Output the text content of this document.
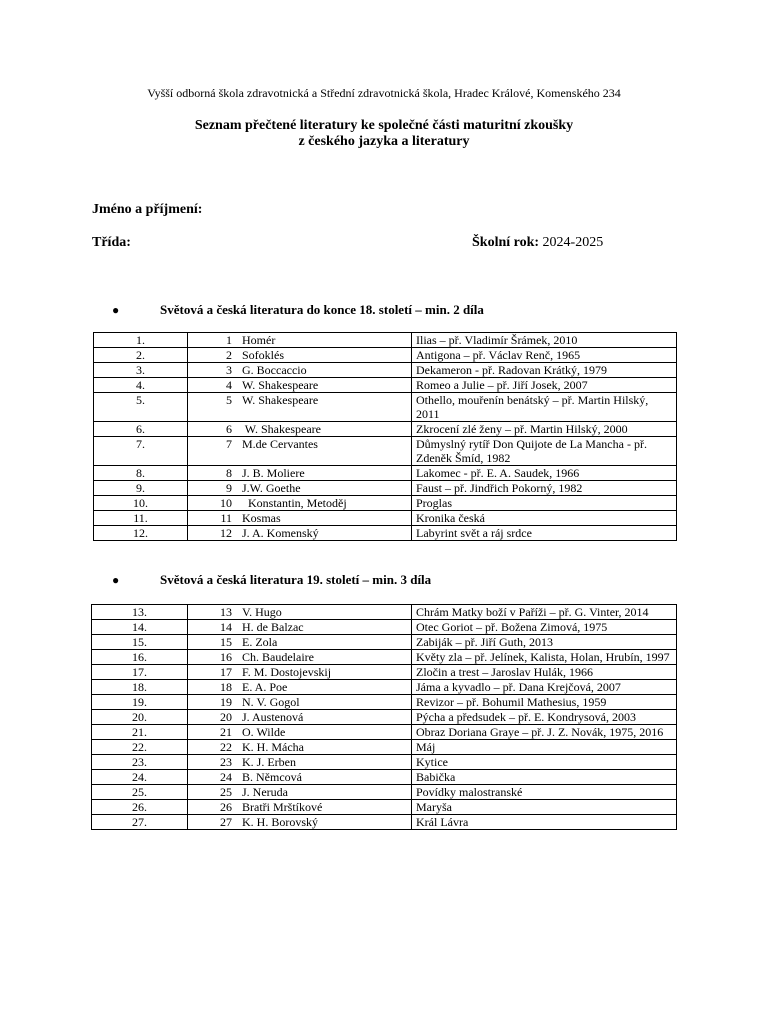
Vyšší odborná škola zdravotnická a Střední zdravotnická škola, Hradec Králové, Komenského 234
Seznam přečtené literatury ke společné části maturitní zkoušky
z českého jazyka a literatury
Jméno a příjmení:
Třída:	Školní rok: 2024-2025
●	Světová a česká literatura do konce 18. století – min. 2 díla
1.	1 Homér	Ilias – př. Vladimír Šrámek, 2010
2.	2 Sofoklés	Antigona – př. Václav Renč, 1965
3.	3 G. Boccaccio	Dekameron - př. Radovan Krátký, 1979
4.	4 W. Shakespeare	Romeo a Julie – př. Jiří Josek, 2007
5.	5 W. Shakespeare	Othello, mouřenín benátský – př. Martin Hilský, 2011
6.	6 W. Shakespeare	Zkrocení zlé ženy – př. Martin Hilský, 2000
7.	7 M.de Cervantes	Důmyslný rytíř Don Quijote de La Mancha - př. Zdeněk Šmíd, 1982
8.	8 J. B. Moliere	Lakomec - př. E. A. Saudek, 1966
9.	9 J.W. Goethe	Faust – př. Jindřich Pokorný, 1982
10.	10  Konstantin, Metoděj	Proglas
11.	11 Kosmas	Kronika česká
12.	12 J. A. Komenský	Labyrint svět a ráj srdce
●	Světová a česká literatura 19. století – min. 3 díla
13.	13 V. Hugo	Chrám Matky boží v Paříži – př. G. Vinter, 2014
14.	14 H. de Balzac	Otec Goriot – př. Božena Zimová, 1975
15.	15 E. Zola	Zabiják – př. Jiří Guth, 2013
16.	16 Ch. Baudelaire	Květy zla – př. Jelínek, Kalista, Holan, Hrubín, 1997
17.	17 F. M. Dostojevskij	Zločin a trest – Jaroslav Hulák, 1966
18.	18 E. A. Poe	Jáma a kyvadlo – př. Dana Krejčová, 2007
19.	19 N. V. Gogol	Revizor – př. Bohumil Mathesius, 1959
20.	20 J. Austenová	Pýcha a předsudek – př. E. Kondrysová, 2003
21.	21 O. Wilde	Obraz Doriana Graye – př. J. Z. Novák, 1975, 2016
22.	22 K. H. Mácha	Máj
23.	23 K. J. Erben	Kytice
24.	24 B. Němcová	Babička
25.	25 J. Neruda	Povídky malostranské
26.	26 Bratři Mrštíkové	Maryša
27.	27 K. H. Borovský	Král Lávra
